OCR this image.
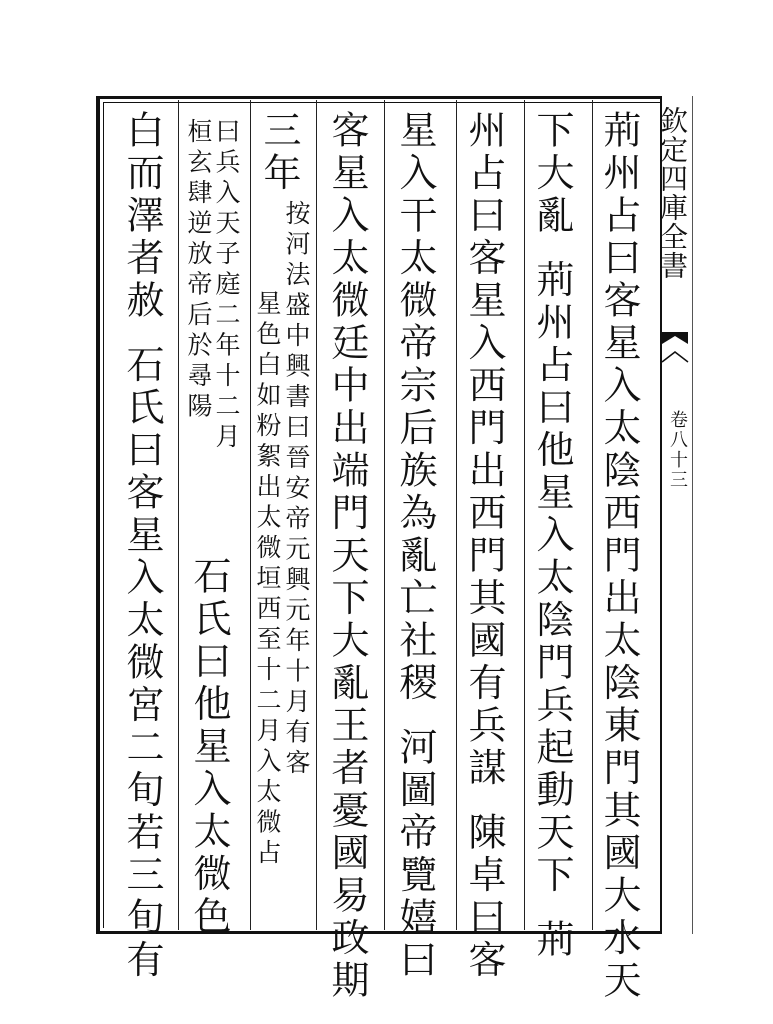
欽定四庫全書
卷八十三
荊州占曰客星入太陰西門出太陰東門其國大水天
下大亂荊州占曰他星入太陰門兵起動天下荊
州占曰客星入西門出西門其國有兵謀陳卓曰客
星入干太微帝宗后族為亂亡社稷河圖帝覽嬉曰
客星入太微廷中出端門天下大亂王者憂國易政期
三年
按河法盛中興書曰晉安帝元興元年十月有客
星色白如粉絮出太微垣西至十二月入太微占
曰兵入天子庭二年十二月
桓玄肆逆放帝后於尋陽
石氏曰他星入太微色
白而澤者赦石氏曰客星入太微宮二旬若三旬有
